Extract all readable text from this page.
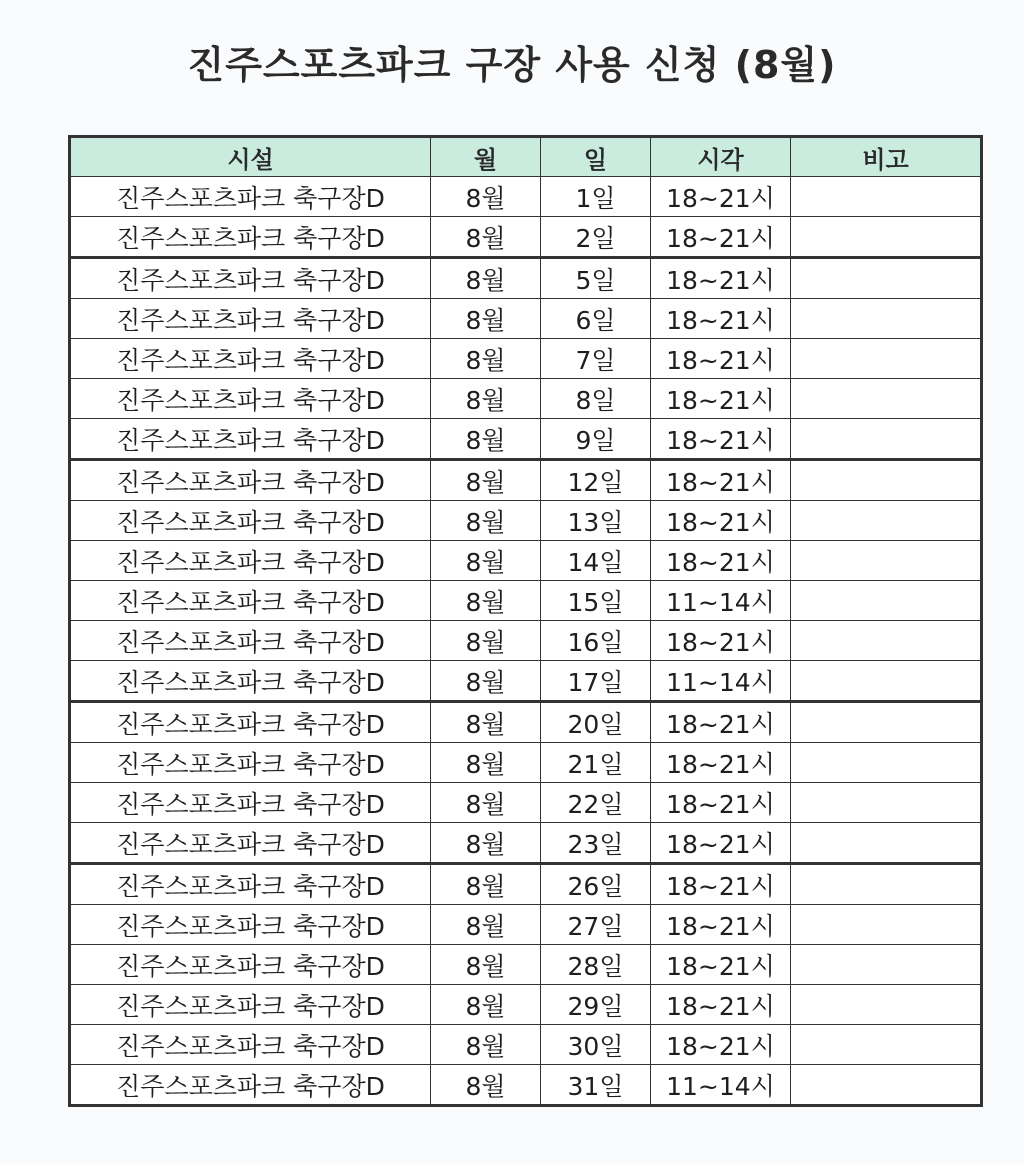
진주스포츠파크 구장 사용 신청 (8월)
시설	월	일	시각	비고
진주스포츠파크 축구장D	8월	1일	18~21시	
진주스포츠파크 축구장D	8월	2일	18~21시	
진주스포츠파크 축구장D	8월	5일	18~21시	
진주스포츠파크 축구장D	8월	6일	18~21시	
진주스포츠파크 축구장D	8월	7일	18~21시	
진주스포츠파크 축구장D	8월	8일	18~21시	
진주스포츠파크 축구장D	8월	9일	18~21시	
진주스포츠파크 축구장D	8월	12일	18~21시	
진주스포츠파크 축구장D	8월	13일	18~21시	
진주스포츠파크 축구장D	8월	14일	18~21시	
진주스포츠파크 축구장D	8월	15일	11~14시	
진주스포츠파크 축구장D	8월	16일	18~21시	
진주스포츠파크 축구장D	8월	17일	11~14시	
진주스포츠파크 축구장D	8월	20일	18~21시	
진주스포츠파크 축구장D	8월	21일	18~21시	
진주스포츠파크 축구장D	8월	22일	18~21시	
진주스포츠파크 축구장D	8월	23일	18~21시	
진주스포츠파크 축구장D	8월	26일	18~21시	
진주스포츠파크 축구장D	8월	27일	18~21시	
진주스포츠파크 축구장D	8월	28일	18~21시	
진주스포츠파크 축구장D	8월	29일	18~21시	
진주스포츠파크 축구장D	8월	30일	18~21시	
진주스포츠파크 축구장D	8월	31일	11~14시	
